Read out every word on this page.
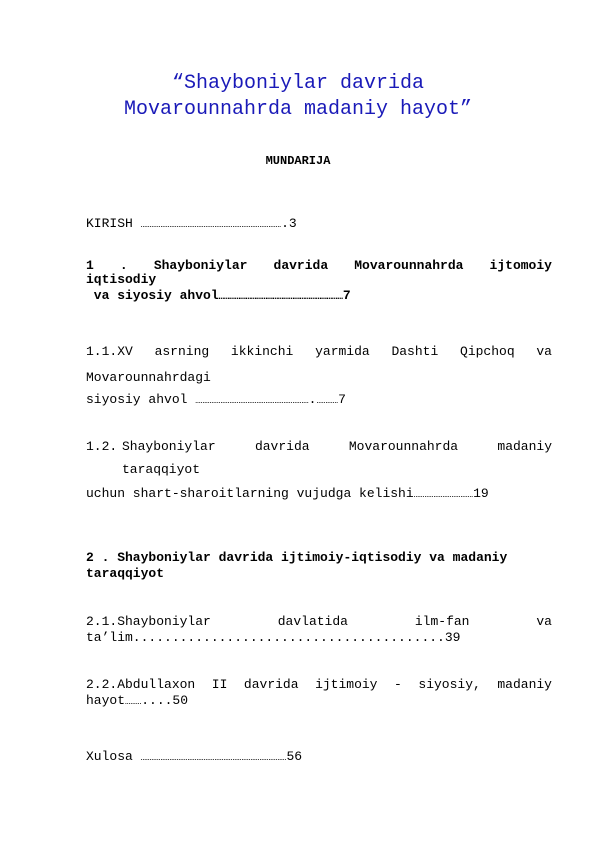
“Shayboniylar davrida
Movarounnahrda madaniy hayot”
MUNDARIJA
KIRISH …………………………………………………………………….3
1 . Shayboniylar davrida Movarounnahrda ijtomoiy
iqtisodiy
va siyosiy ahvol……………………………………………………………7
1.1.XV asrning ikkinchi yarmida Dashti Qipchoq va
Movarounnahrdagi
siyosiy ahvol ……………………………………………………….…………7
1.2. Shayboniylar	davrida	Movarounnahrda	madaniy
taraqqiyot
uchun shart-sharoitlarning vujudga kelishi……………………………19
2 . Shayboniylar davrida ijtimoiy-iqtisodiy va madaniy
taraqqiyot
2.1.Shayboniylar	davlatida	ilm-fan	va
ta’lim........................................39
2.2.Abdullaxon II davrida ijtimoiy - siyosiy, madaniy
hayot………....50
Xulosa ………………………………………………………………………56
